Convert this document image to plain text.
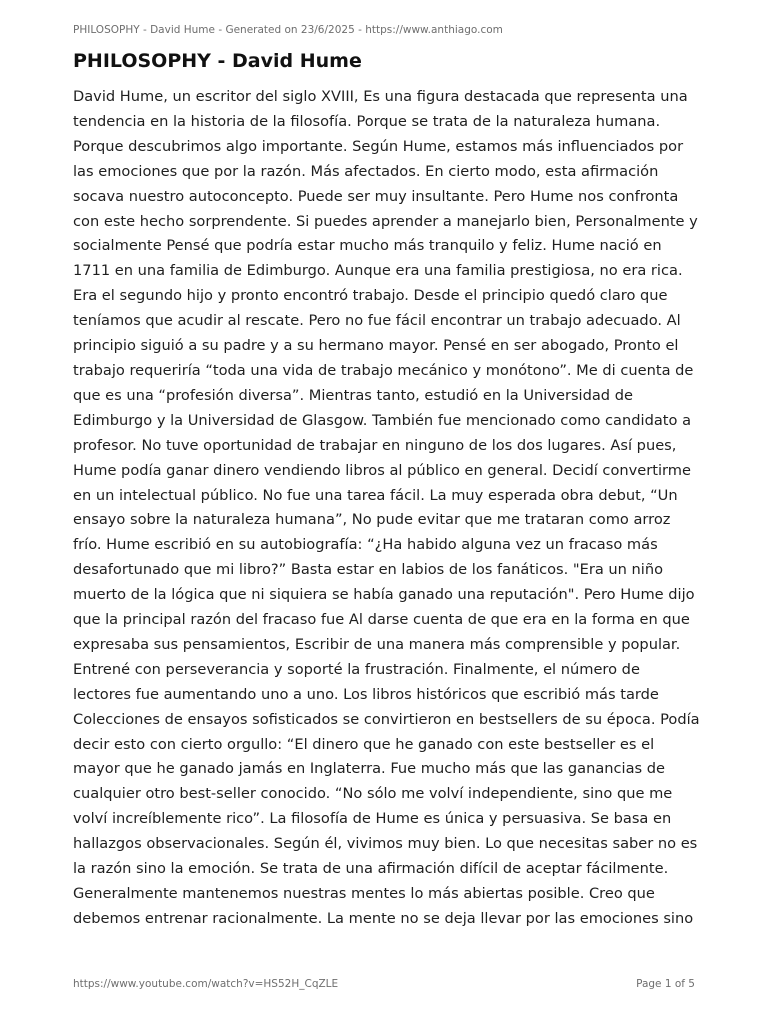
PHILOSOPHY - David Hume - Generated on 23/6/2025 - https://www.anthiago.com
PHILOSOPHY - David Hume
David Hume, un escritor del siglo XVIII, Es una figura destacada que representa una
tendencia en la historia de la filosofía. Porque se trata de la naturaleza humana.
Porque descubrimos algo importante. Según Hume, estamos más influenciados por
las emociones que por la razón. Más afectados. En cierto modo, esta afirmación
socava nuestro autoconcepto. Puede ser muy insultante. Pero Hume nos confronta
con este hecho sorprendente. Si puedes aprender a manejarlo bien, Personalmente y
socialmente Pensé que podría estar mucho más tranquilo y feliz. Hume nació en
1711 en una familia de Edimburgo. Aunque era una familia prestigiosa, no era rica.
Era el segundo hijo y pronto encontró trabajo. Desde el principio quedó claro que
teníamos que acudir al rescate. Pero no fue fácil encontrar un trabajo adecuado. Al
principio siguió a su padre y a su hermano mayor. Pensé en ser abogado, Pronto el
trabajo requeriría “toda una vida de trabajo mecánico y monótono”. Me di cuenta de
que es una “profesión diversa”. Mientras tanto, estudió en la Universidad de
Edimburgo y la Universidad de Glasgow. También fue mencionado como candidato a
profesor. No tuve oportunidad de trabajar en ninguno de los dos lugares. Así pues,
Hume podía ganar dinero vendiendo libros al público en general. Decidí convertirme
en un intelectual público. No fue una tarea fácil. La muy esperada obra debut, “Un
ensayo sobre la naturaleza humana”, No pude evitar que me trataran como arroz
frío. Hume escribió en su autobiografía: “¿Ha habido alguna vez un fracaso más
desafortunado que mi libro?” Basta estar en labios de los fanáticos. "Era un niño
muerto de la lógica que ni siquiera se había ganado una reputación". Pero Hume dijo
que la principal razón del fracaso fue Al darse cuenta de que era en la forma en que
expresaba sus pensamientos, Escribir de una manera más comprensible y popular.
Entrené con perseverancia y soporté la frustración. Finalmente, el número de
lectores fue aumentando uno a uno. Los libros históricos que escribió más tarde
Colecciones de ensayos sofisticados se convirtieron en bestsellers de su época. Podía
decir esto con cierto orgullo: “El dinero que he ganado con este bestseller es el
mayor que he ganado jamás en Inglaterra. Fue mucho más que las ganancias de
cualquier otro best-seller conocido. “No sólo me volví independiente, sino que me
volví increíblemente rico”. La filosofía de Hume es única y persuasiva. Se basa en
hallazgos observacionales. Según él, vivimos muy bien. Lo que necesitas saber no es
la razón sino la emoción. Se trata de una afirmación difícil de aceptar fácilmente.
Generalmente mantenemos nuestras mentes lo más abiertas posible. Creo que
debemos entrenar racionalmente. La mente no se deja llevar por las emociones sino
https://www.youtube.com/watch?v=HS52H_CqZLE	Page 1 of 5
